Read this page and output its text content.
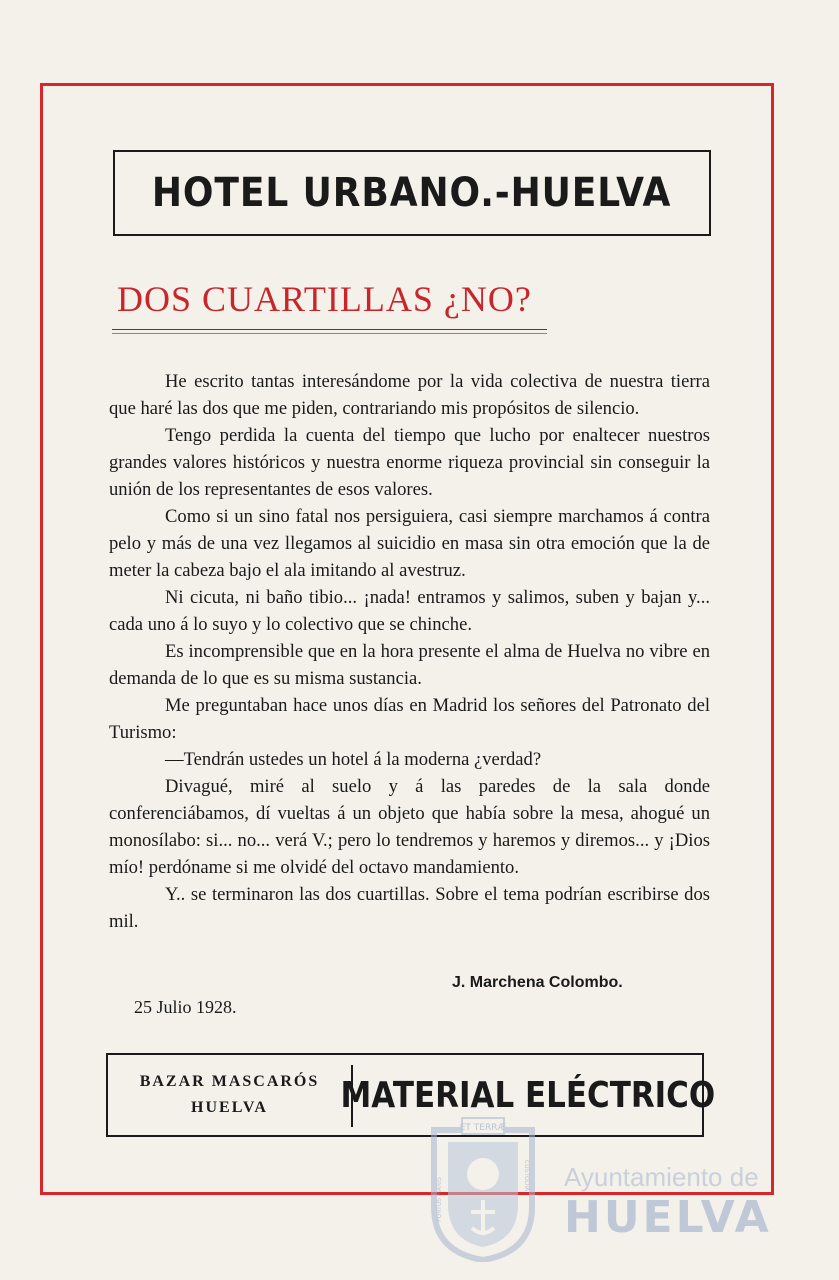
HOTEL URBANO.-HUELVA
DOS CUARTILLAS ¿NO?

He escrito tantas interesándome por la vida colectiva de nuestra tierra que haré las dos que me piden, contrariando mis propósitos de silencio.

Tengo perdida la cuenta del tiempo que lucho por enaltecer nuestros grandes valores históricos y nuestra enorme riqueza provincial sin conseguir la unión de los representantes de esos valores.

Como si un sino fatal nos persiguiera, casi siempre marchamos á contra pelo y más de una vez llegamos al suicidio en masa sin otra emoción que la de meter la cabeza bajo el ala imitando al avestruz.

Ni cicuta, ni baño tibio... ¡nada! entramos y salimos, suben y bajan y... cada uno á lo suyo y lo colectivo que se chinche.

Es incomprensible que en la hora presente el alma de Huelva no vibre en demanda de lo que es su misma sustancia.

Me preguntaban hace unos días en Madrid los señores del Patronato del Turismo:

—Tendrán ustedes un hotel á la moderna ¿verdad?

Divagué, miré al suelo y á las paredes de la sala donde conferenciábamos, dí vueltas á un objeto que había sobre la mesa, ahogué un monosílabo: si... no... verá V.; pero lo tendremos y haremos y diremos... y ¡Dios mío! perdóname si me olvidé del octavo mandamiento.

Y.. se terminaron las dos cuartillas. Sobre el tema podrían escribirse dos mil.

J. Marchena Colombo.
25 Julio 1928.
BAZAR MASCARÓS
HUELVA	MATERIAL ELÉCTRICO
ET TERRÆ
PORTUS MARIS
CUSTODIA Ayuntamiento de
HUELVA
